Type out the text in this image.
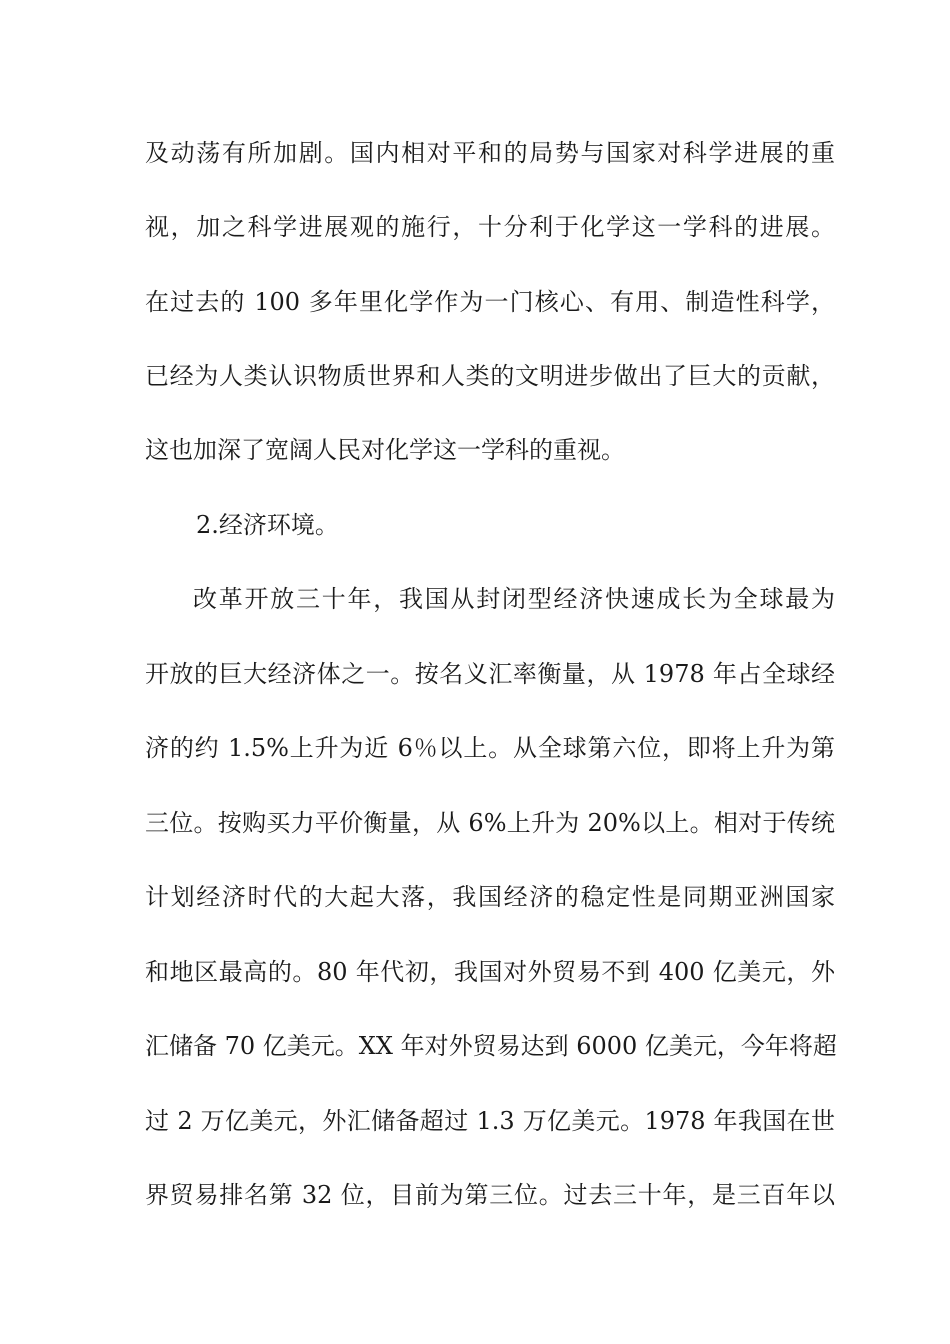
及动荡有所加剧。国内相对平和的局势与国家对科学进展的重
视，加之科学进展观的施行，十分利于化学这一学科的进展。
在过去的 100 多年里化学作为一门核心、有用、制造性科学，
已经为人类认识物质世界和人类的文明进步做出了巨大的贡献，
这也加深了宽阔人民对化学这一学科的重视。
2.经济环境。
改革开放三十年，我国从封闭型经济快速成长为全球最为
开放的巨大经济体之一。按名义汇率衡量，从 1978 年占全球经
济的约 1.5%上升为近 6％以上。从全球第六位，即将上升为第
三位。按购买力平价衡量，从 6%上升为 20%以上。相对于传统
计划经济时代的大起大落，我国经济的稳定性是同期亚洲国家
和地区最高的。80 年代初，我国对外贸易不到 400 亿美元，外
汇储备 70 亿美元。XX 年对外贸易达到 6000 亿美元，今年将超
过 2 万亿美元，外汇储备超过 1.3 万亿美元。1978 年我国在世
界贸易排名第 32 位，目前为第三位。过去三十年，是三百年以
